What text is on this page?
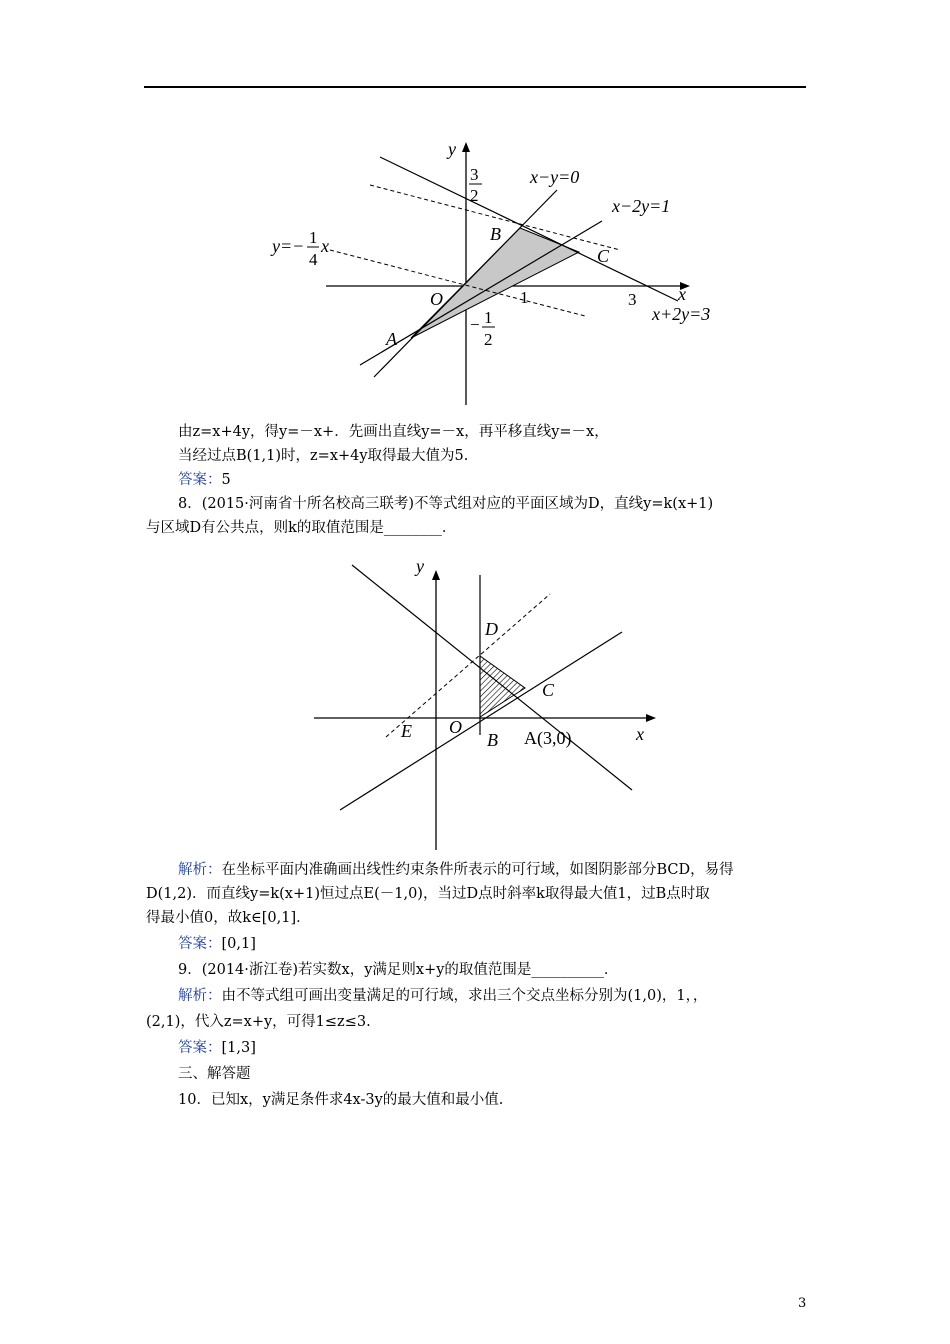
y
x
3
2
x−y=0
x−2y=1
x+2y=3
y=− 1
4
x
B
C
A
O	1	3
− 1
2
由z=x+4y，得y=－x+．先画出直线y=－x，再平移直线y=－x，
当经过点B(1,1)时，z=x+4y取得最大值为5.
答案：5
8．(2015·河南省十所名校高三联考)不等式组对应的平面区域为D，直线y=k(x+1)
与区域D有公共点，则k的取值范围是________．
y
x
D
C
E O
B A(3,0)
解析：在坐标平面内准确画出线性约束条件所表示的可行域，如图阴影部分BCD，易得
D(1,2)．而直线y=k(x+1)恒过点E(－1,0)，当过D点时斜率k取得最大值1，过B点时取
得最小值0，故k∈[0,1]．
答案：[0,1]
9．(2014·浙江卷)若实数x，y满足则x+y的取值范围是__________．
解析：由不等式组可画出变量满足的可行域，求出三个交点坐标分别为(1,0)，1，，
(2,1)，代入z=x+y，可得1≤z≤3.
答案：[1,3]
三、解答题
10．已知x，y满足条件求4x-3y的最大值和最小值.
3
